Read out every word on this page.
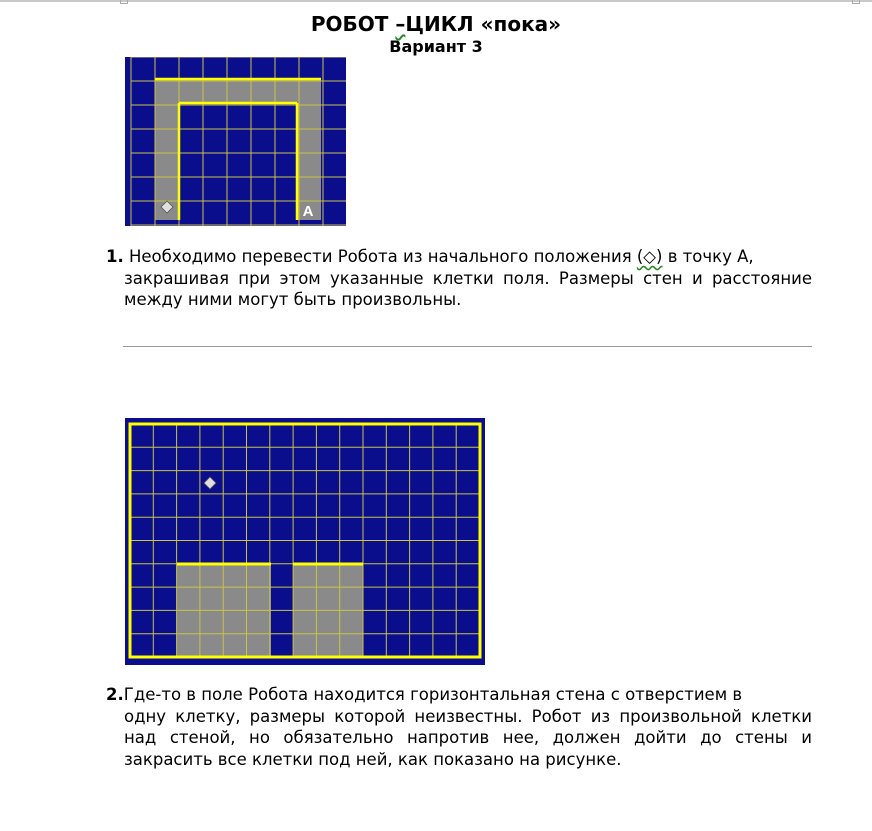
РОБОТ –ЦИКЛ «пока»
Вариант 3
А
1. Необходимо перевести Робота из начального положения (◇) в точку А,
закрашивая при этом указанные клетки поля. Размеры стен и расстояние между ними могут быть произвольны.
2.Где-то в поле Робота находится горизонтальная стена с отверстием в
одну клетку, размеры которой неизвестны. Робот из произвольной клетки над стеной, но обязательно напротив нее, должен дойти до стены и закрасить все клетки под ней, как показано на рисунке.
